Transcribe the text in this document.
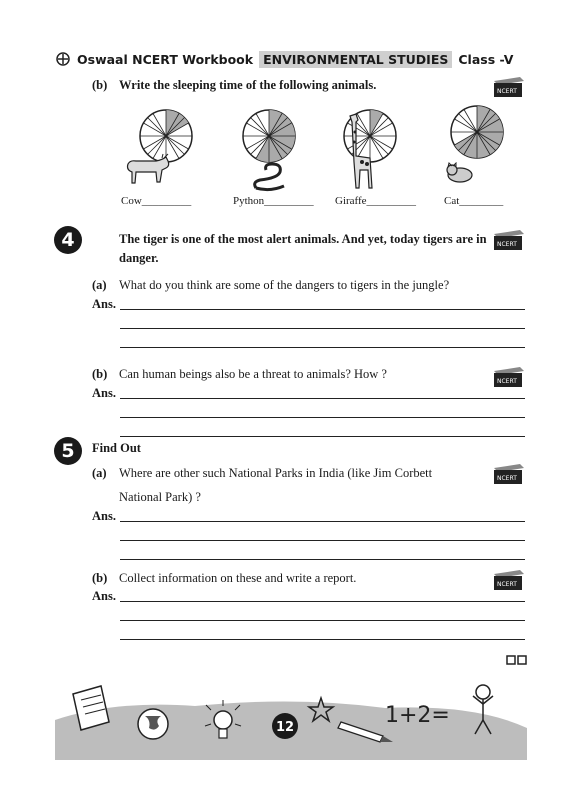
Oswaal NCERT Workbook ENVIRONMENTAL STUDIES Class -V
(b) Write the sleeping time of the following animals.	NCERT
Cow_________	Python_________ Giraffe_________	Cat________
4	The tiger is one of the most alert animals. And yet, today tigers are in danger.
NCERT
(a) What do you think are some of the dangers to tigers in the jungle?
Ans.
(b) Can human beings also be a threat to animals? How ?
NCERT
Ans.
5	Find Out
(a) Where are other such National Parks in India (like Jim Corbett
National Park) ?
NCERT
Ans.
(b) Collect information on these and write a report.	NCERT
Ans.
12	1+2=
